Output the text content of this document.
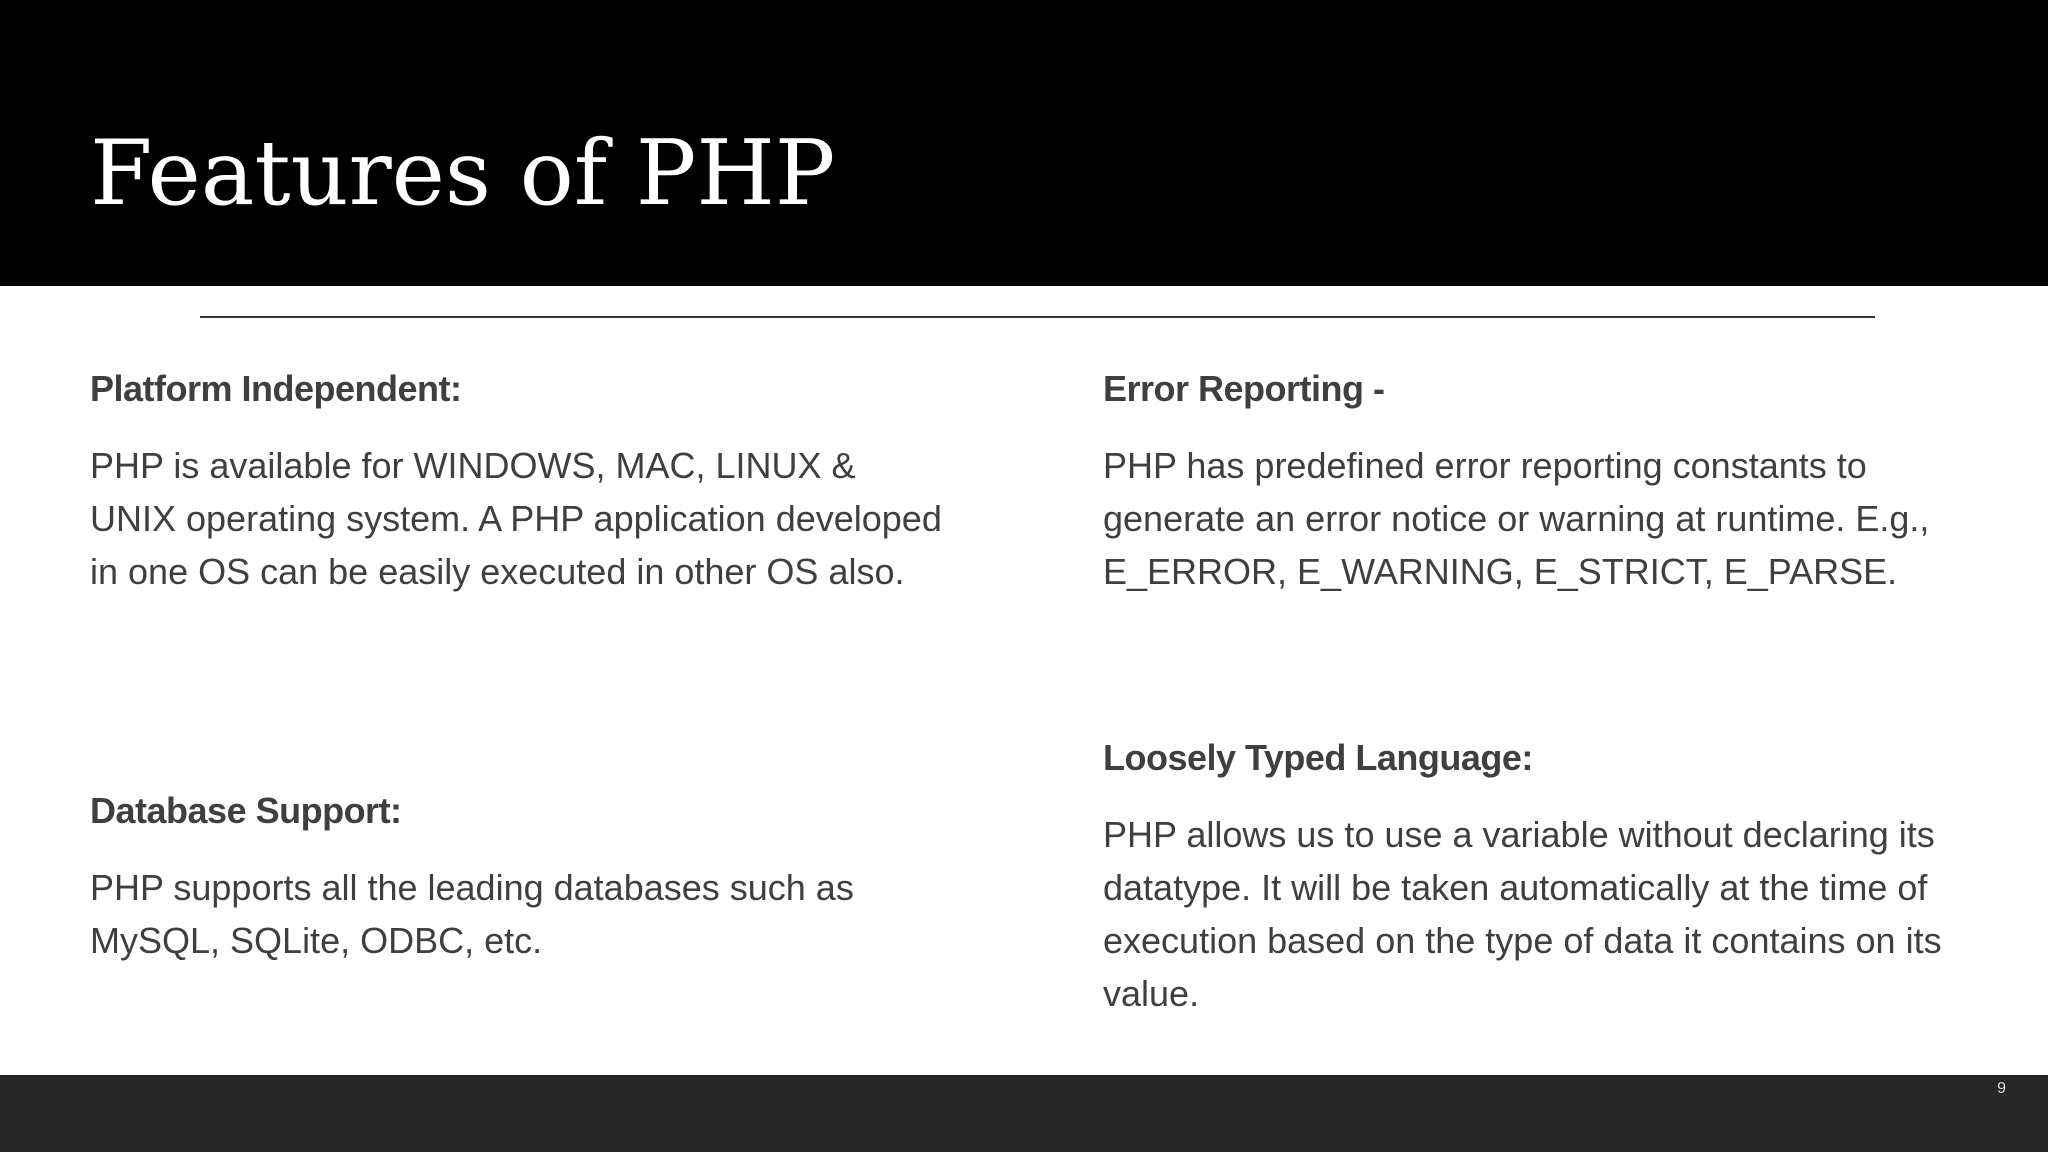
Features of PHP
Platform Independent:

PHP is available for WINDOWS, MAC, LINUX & UNIX operating system. A PHP application developed in one OS can be easily executed in other OS also.

Database Support:

PHP supports all the leading databases such as MySQL, SQLite, ODBC, etc.

Error Reporting -

PHP has predefined error reporting constants to generate an error notice or warning at runtime. E.g., E_ERROR, E_WARNING, E_STRICT, E_PARSE.

Loosely Typed Language:

PHP allows us to use a variable without declaring its datatype. It will be taken automatically at the time of execution based on the type of data it contains on its value.

9
